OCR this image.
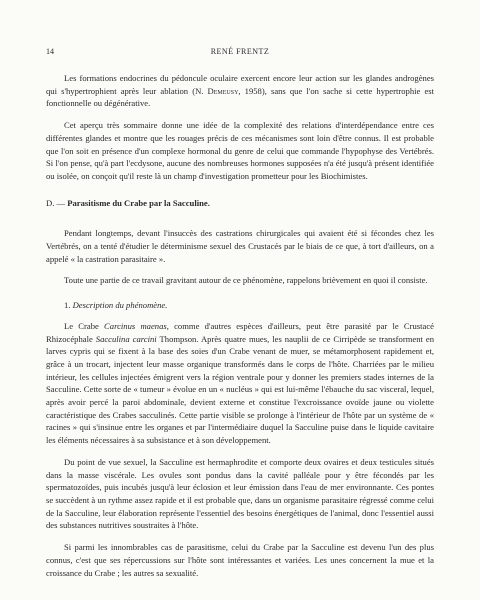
14	RENÉ FRENTZ

Les formations endocrines du pédoncule oculaire exercent encore leur action sur les glandes androgènes qui s'hypertrophient après leur ablation (N. Demeusy, 1958), sans que l'on sache si cette hypertrophie est fonctionnelle ou dégénérative.

Cet aperçu très sommaire donne une idée de la complexité des relations d'interdépendance entre ces différentes glandes et montre que les rouages précis de ces mécanismes sont loin d'être connus. Il est probable que l'on soit en présence d'un complexe hormonal du genre de celui que commande l'hypophyse des Vertébrés. Si l'on pense, qu'à part l'ecdysone, aucune des nombreuses hormones supposées n'a été jusqu'à présent identifiée ou isolée, on conçoit qu'il reste là un champ d'investigation prometteur pour les Biochimistes.

D. — Parasitisme du Crabe par la Sacculine.

Pendant longtemps, devant l'insuccès des castrations chirurgicales qui avaient été si fécondes chez les Vertébrés, on a tenté d'étudier le déterminisme sexuel des Crustacés par le biais de ce que, à tort d'ailleurs, on a appelé « la castration parasitaire ».

Toute une partie de ce travail gravitant autour de ce phénomène, rappelons brièvement en quoi il consiste.

1. Description du phénomène.

Le Crabe Carcinus maenas, comme d'autres espèces d'ailleurs, peut être parasité par le Crustacé Rhizocéphale Sacculina carcini Thompson. Après quatre mues, les nauplii de ce Cirripède se transforment en larves cypris qui se fixent à la base des soies d'un Crabe venant de muer, se métamorphosent rapidement et, grâce à un trocart, injectent leur masse organique transformés dans le corps de l'hôte. Charriées par le milieu intérieur, les cellules injectées émigrent vers la région ventrale pour y donner les premiers stades internes de la Sacculine. Cette sorte de « tumeur » évolue en un « nucléus » qui est lui-même l'ébauche du sac visceral, lequel, après avoir percé la paroi abdominale, devient externe et constitue l'excroissance ovoïde jaune ou violette caractéristique des Crabes sacculinés. Cette partie visible se prolonge à l'intérieur de l'hôte par un système de « racines » qui s'insinue entre les organes et par l'intermédiaire duquel la Sacculine puise dans le liquide cavitaire les éléments nécessaires à sa subsistance et à son développement.

Du point de vue sexuel, la Sacculine est hermaphrodite et comporte deux ovaires et deux testicules situés dans la masse viscérale. Les ovules sont pondus dans la cavité palléale pour y être fécondés par les spermatozoïdes, puis incubés jusqu'à leur éclosion et leur émission dans l'eau de mer environnante. Ces pontes se succèdent à un rythme assez rapide et il est probable que, dans un organisme parasitaire régressé comme celui de la Sacculine, leur élaboration représente l'essentiel des besoins énergétiques de l'animal, donc l'essentiel aussi des substances nutritives soustraites à l'hôte.

Si parmi les innombrables cas de parasitisme, celui du Crabe par la Sacculine est devenu l'un des plus connus, c'est que ses répercussions sur l'hôte sont intéressantes et variées. Les unes concernent la mue et la croissance du Crabe ; les autres sa sexualité.
